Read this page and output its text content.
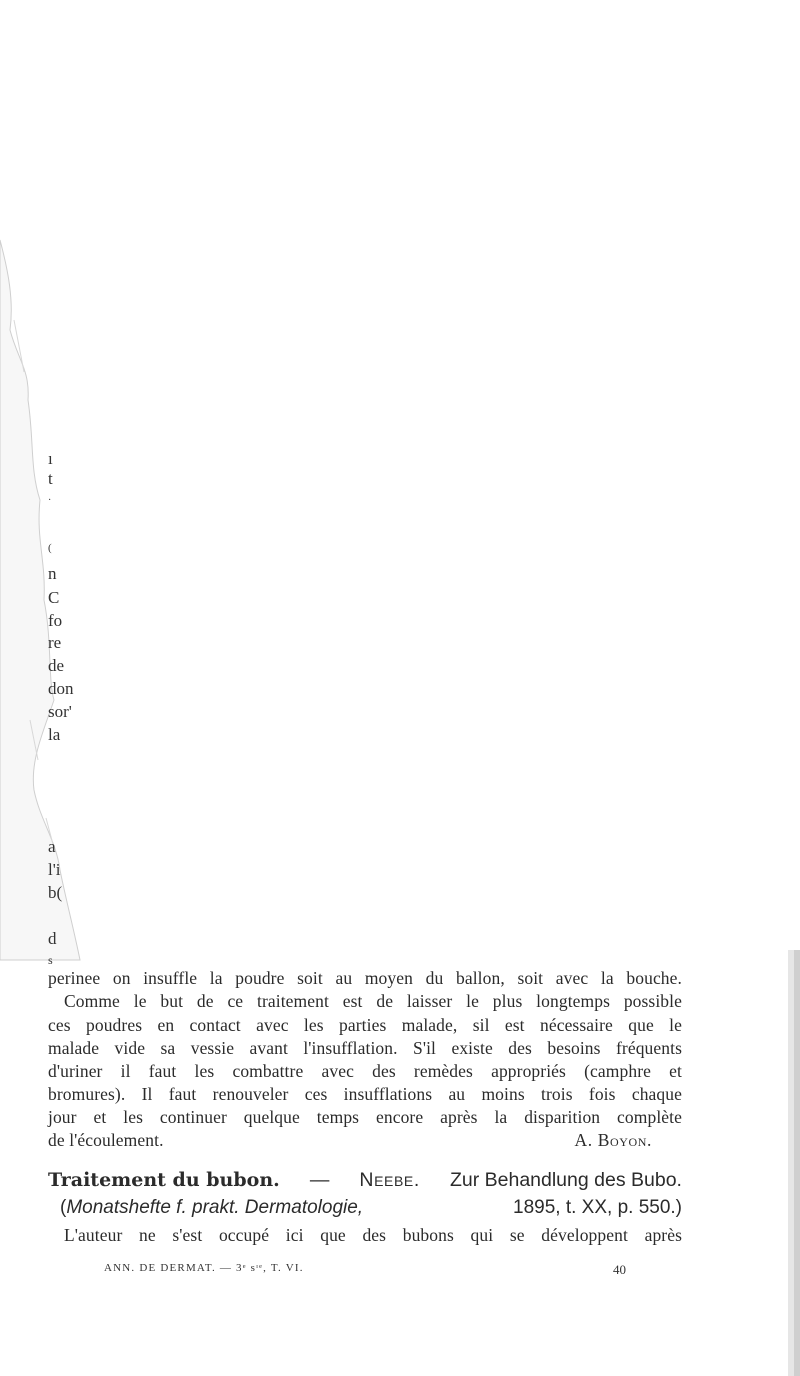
ı
t
·
(
n
C
fo
re
de
don
sor'
la
a
l'i
b(
d
s
perinee on insuffle la poudre soit au moyen du ballon, soit avec la bouche.
Comme le but de ce traitement est de laisser le plus longtemps possible
ces poudres en contact avec les parties malade, sil est nécessaire que le
malade vide sa vessie avant l'insufflation. S'il existe des besoins fréquents
d'uriner il faut les combattre avec des remèdes appropriés (camphre et
bromures). Il faut renouveler ces insufflations au moins trois fois chaque
jour et les continuer quelque temps encore après la disparition complète
de l'écoulement.	A. Boyon.
Traitement du bubon. — Neebe. Zur Behandlung des Bubo.
(Monatshefte f. prakt. Dermatologie,	1895, t. XX, p. 550.)
L'auteur ne s'est occupé ici que des bubons qui se développent après
ANN. DE DERMAT. — 3ᵉ sᶦᵉ, T. VI.	40
